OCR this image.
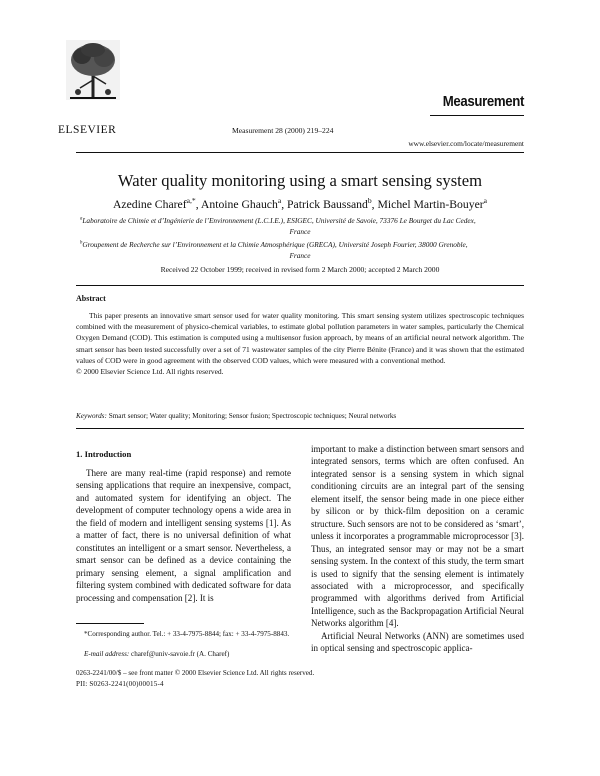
ELSEVIER	Measurement 28 (2000) 219–224
Measurement
www.elsevier.com/locate/measurement
Water quality monitoring using a smart sensing system
Azedine Charef$^{a,*}$, Antoine Ghauch$^a$, Patrick Baussand$^b$, Michel Martin-Bouyer$^a$
$^a$Laboratoire de Chimie et d’Ingénierie de l’Environnement (L.C.I.E.), ESIGEC, Université de Savoie, 73376 Le Bourget du Lac Cedex,
France
$^b$Groupement de Recherche sur l’Environnement et la Chimie Atmosphérique (GRECA), Université Joseph Fourier, 38000 Grenoble,
France
Received 22 October 1999; received in revised form 2 March 2000; accepted 2 March 2000
Abstract
This paper presents an innovative smart sensor used for water quality monitoring. This smart sensing system utilizes spectroscopic techniques combined with the measurement of physico-chemical variables, to estimate global pollution parameters in water samples, particularly the Chemical Oxygen Demand (COD). This estimation is computed using a multisensor fusion approach, by means of an artificial neural network algorithm. The smart sensor has been tested successfully over a set of 71 wastewater samples of the city Pierre Bénite (France) and it was shown that the estimated values of COD were in good agreement with the observed COD values, which were measured with a conventional method.
© 2000 Elsevier Science Ltd. All rights reserved.
Keywords: Smart sensor; Water quality; Monitoring; Sensor fusion; Spectroscopic techniques; Neural networks
1. Introduction
There are many real-time (rapid response) and remote sensing applications that require an inexpensive, compact, and automated system for identifying an object. The development of computer technology opens a wide area in the field of modern and intelligent sensing systems [1]. As a matter of fact, there is no universal definition of what constitutes an intelligent or a smart sensor. Nevertheless, a smart sensor can be defined as a device containing the primary sensing element, a signal amplification and filtering system combined with dedicated software for data processing and compensation [2]. It is

important to make a distinction between smart sensors and integrated sensors, terms which are often confused. An integrated sensor is a sensing system in which signal conditioning circuits are an integral part of the sensing element itself, the sensor being made in one piece either by silicon or by thick-film deposition on a ceramic structure. Such sensors are not to be considered as ‘smart’, unless it incorporates a programmable microprocessor [3]. Thus, an integrated sensor may or may not be a smart sensing system. In the context of this study, the term smart is used to signify that the sensing element is intimately associated with a microprocessor, and specifically programmed with algorithms derived from Artificial Intelligence, such as the Backpropagation Artificial Neural Networks algorithm [4].

Artificial Neural Networks (ANN) are sometimes used in optical sensing and spectroscopic applica-

*Corresponding author. Tel.: + 33-4-7975-8844; fax: + 33-4-7975-8843.
E-mail address: charef@univ-savoie.fr (A. Charef)
0263-2241/00/$ – see front matter © 2000 Elsevier Science Ltd. All rights reserved.
PII: S0263-2241(00)00015-4
